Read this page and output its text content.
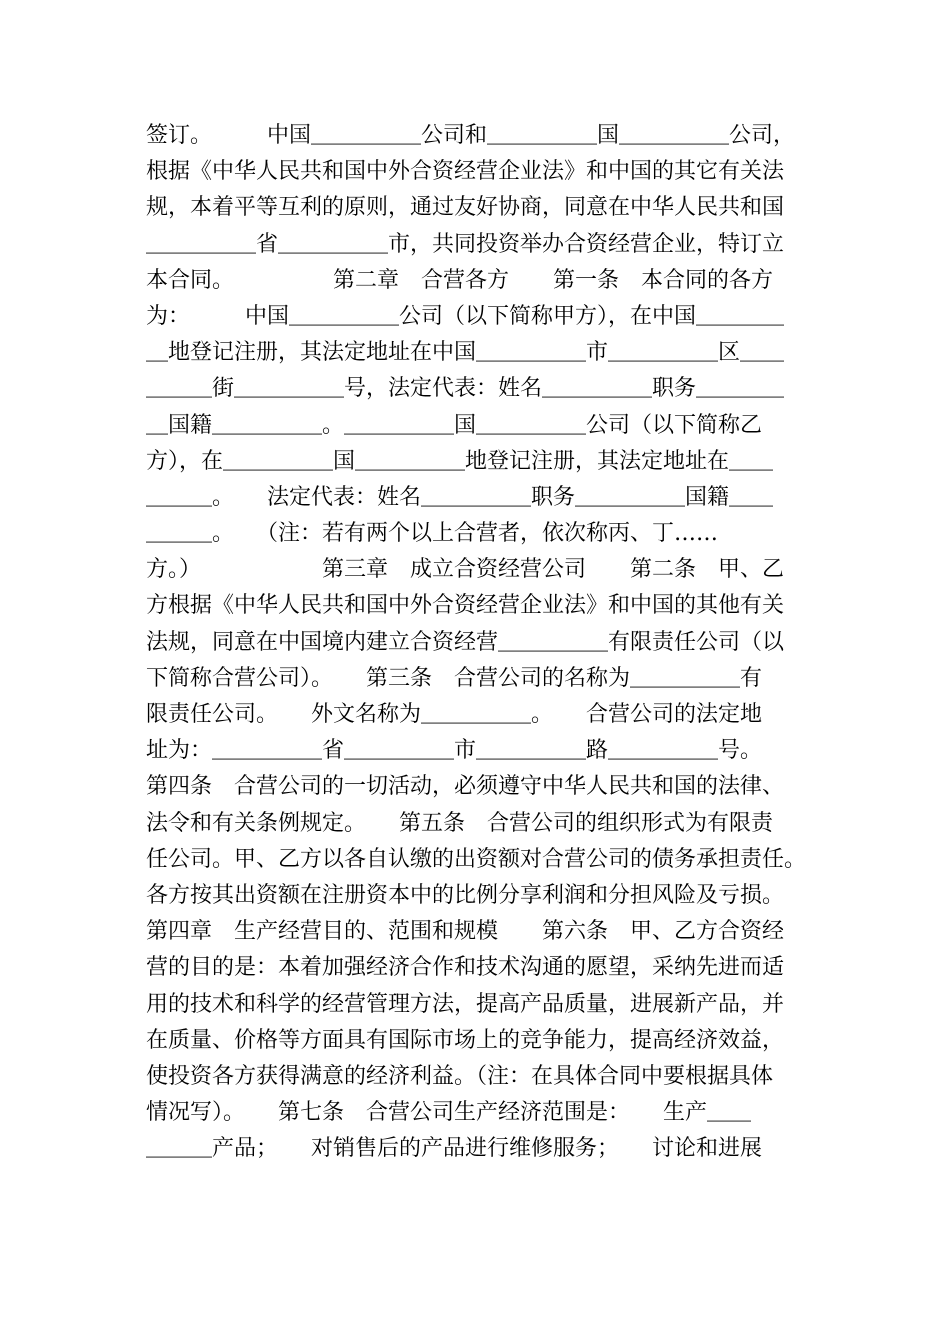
签订。　　　中国＿＿＿＿＿公司和＿＿＿＿＿国＿＿＿＿＿公司，
根据《中华人民共和国中外合资经营企业法》和中国的其它有关法
规，本着平等互利的原则，通过友好协商，同意在中华人民共和国
＿＿＿＿＿省＿＿＿＿＿市，共同投资举办合资经营企业，特订立
本合同。　　　　　第二章　合营各方　　第一条　本合同的各方
为：　　　中国＿＿＿＿＿公司（以下简称甲方），在中国＿＿＿＿
＿地登记注册，其法定地址在中国＿＿＿＿＿市＿＿＿＿＿区＿＿
＿＿＿街＿＿＿＿＿号，法定代表：姓名＿＿＿＿＿职务＿＿＿＿
＿国籍＿＿＿＿＿。＿＿＿＿＿国＿＿＿＿＿公司（以下简称乙
方），在＿＿＿＿＿国＿＿＿＿＿地登记注册，其法定地址在＿＿
＿＿＿。　　法定代表：姓名＿＿＿＿＿职务＿＿＿＿＿国籍＿＿
＿＿＿。　　（注：若有两个以上合营者，依次称丙、丁……
方。）　　　　　　第三章　成立合资经营公司　　第二条　甲、乙
方根据《中华人民共和国中外合资经营企业法》和中国的其他有关
法规，同意在中国境内建立合资经营＿＿＿＿＿有限责任公司（以
下简称合营公司）。　　第三条　合营公司的名称为＿＿＿＿＿有
限责任公司。　　外文名称为＿＿＿＿＿。　　合营公司的法定地
址为：＿＿＿＿＿省＿＿＿＿＿市＿＿＿＿＿路＿＿＿＿＿号。
第四条　合营公司的一切活动，必须遵守中华人民共和国的法律、
法令和有关条例规定。　　第五条　合营公司的组织形式为有限责
任公司。甲、乙方以各自认缴的出资额对合营公司的债务承担责任。
各方按其出资额在注册资本中的比例分享利润和分担风险及亏损。
第四章　生产经营目的、范围和规模　　第六条　甲、乙方合资经
营的目的是：本着加强经济合作和技术沟通的愿望，采纳先进而适
用的技术和科学的经营管理方法，提高产品质量，进展新产品，并
在质量、价格等方面具有国际市场上的竞争能力，提高经济效益，
使投资各方获得满意的经济利益。（注：在具体合同中要根据具体
情况写）。　　第七条　合营公司生产经济范围是：　　生产＿＿
＿＿＿产品；　　对销售后的产品进行维修服务；　　讨论和进展
